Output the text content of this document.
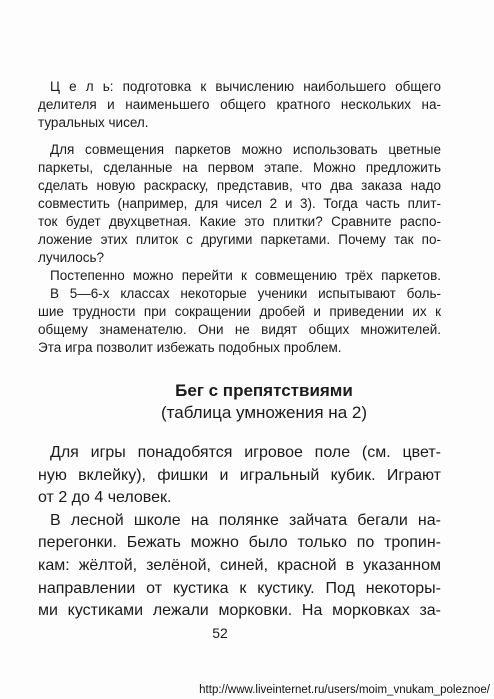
Ц е л ь: подготовка к вычислению наибольшего общего
делителя и наименьшего общего кратного нескольких на-
туральных чисел.
Для совмещения паркетов можно использовать цветные
паркеты, сделанные на первом этапе. Можно предложить
сделать новую раскраску, представив, что два заказа надо
совместить (например, для чисел 2 и 3). Тогда часть плит-
ток будет двухцветная. Какие это плитки? Сравните распо-
ложение этих плиток с другими паркетами. Почему так по-
лучилось?
Постепенно можно перейти к совмещению трёх паркетов.
В 5—6-х классах некоторые ученики испытывают боль-
шие трудности при сокращении дробей и приведении их к
общему знаменателю. Они не видят общих множителей.
Эта игра позволит избежать подобных проблем.
Бег с препятствиями
(таблица умножения на 2)
Для игры понадобятся игровое поле (см. цвет-
ную вклейку), фишки и игральный кубик. Играют
от 2 до 4 человек.
В лесной школе на полянке зайчата бегали на-
перегонки. Бежать можно было только по тропин-
кам: жёлтой, зелёной, синей, красной в указанном
направлении от кустика к кустику. Под некоторы-
ми кустиками лежали морковки. На морковках за-
52
http://www.liveinternet.ru/users/moim_vnukam_poleznoe/
